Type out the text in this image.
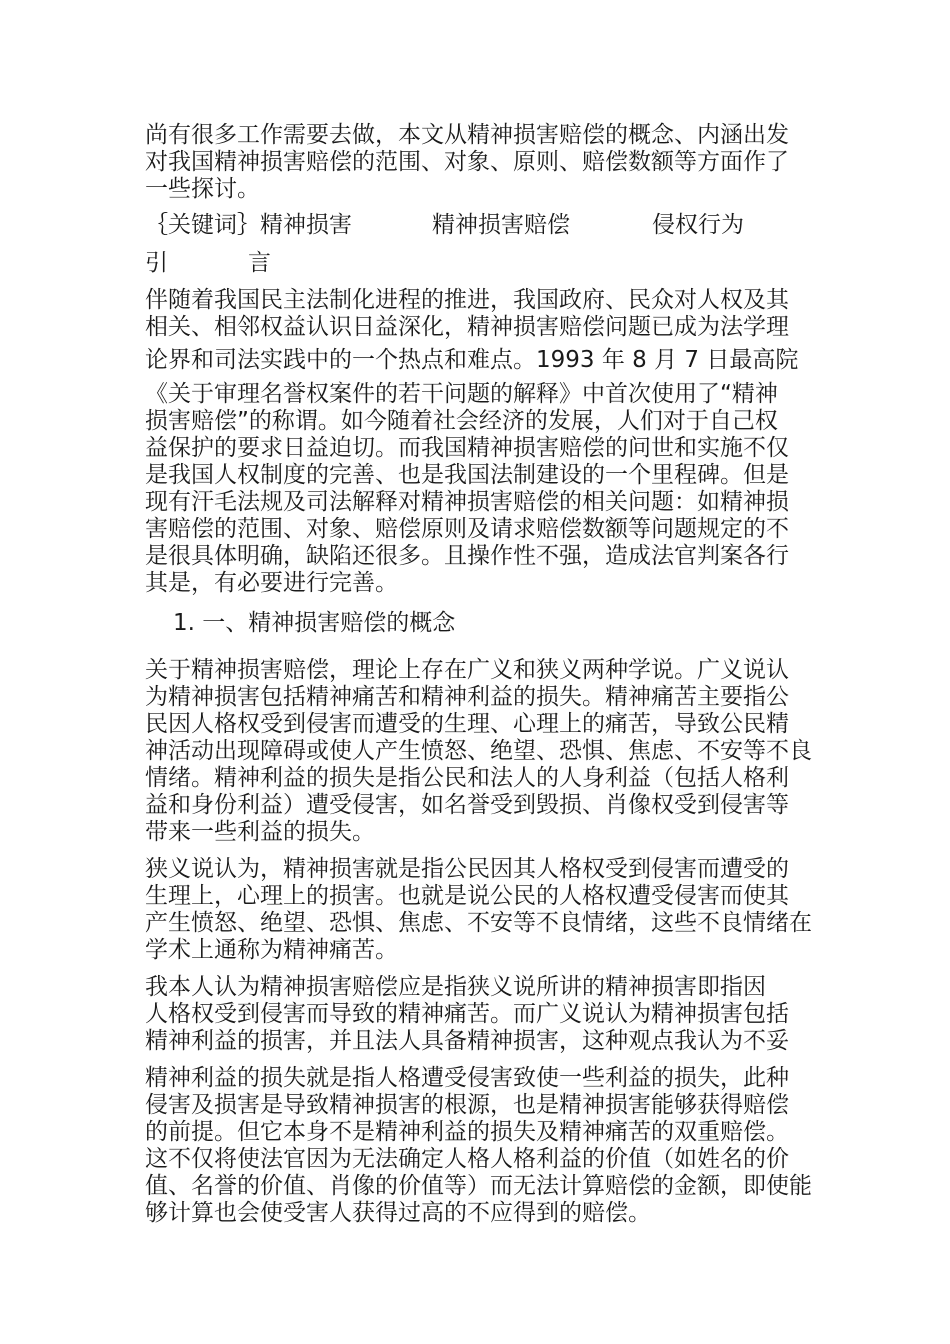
尚有很多工作需要去做，本文从精神损害赔偿的概念、内涵出发
对我国精神损害赔偿的范围、对象、原则、赔偿数额等方面作了
一些探讨。
｛关键词｝精神损害	精神损害赔偿	侵权行为
引	言
伴随着我国民主法制化进程的推进，我国政府、民众对人权及其
相关、相邻权益认识日益深化，精神损害赔偿问题已成为法学理
论界和司法实践中的一个热点和难点。1993 年 8 月 7 日最高院
《关于审理名誉权案件的若干问题的解释》中首次使用了“精神
损害赔偿”的称谓。如今随着社会经济的发展，人们对于自己权
益保护的要求日益迫切。而我国精神损害赔偿的问世和实施不仅
是我国人权制度的完善、也是我国法制建设的一个里程碑。但是
现有汗毛法规及司法解释对精神损害赔偿的相关问题：如精神损
害赔偿的范围、对象、赔偿原则及请求赔偿数额等问题规定的不
是很具体明确，缺陷还很多。且操作性不强，造成法官判案各行
其是，有必要进行完善。
1. 一、精神损害赔偿的概念
关于精神损害赔偿，理论上存在广义和狭义两种学说。广义说认
为精神损害包括精神痛苦和精神利益的损失。精神痛苦主要指公
民因人格权受到侵害而遭受的生理、心理上的痛苦，导致公民精
神活动出现障碍或使人产生愤怒、绝望、恐惧、焦虑、不安等不良
情绪。精神利益的损失是指公民和法人的人身利益（包括人格利
益和身份利益）遭受侵害，如名誉受到毁损、肖像权受到侵害等
带来一些利益的损失。
狭义说认为，精神损害就是指公民因其人格权受到侵害而遭受的
生理上，心理上的损害。也就是说公民的人格权遭受侵害而使其
产生愤怒、绝望、恐惧、焦虑、不安等不良情绪，这些不良情绪在
学术上通称为精神痛苦。
我本人认为精神损害赔偿应是指狭义说所讲的精神损害即指因
人格权受到侵害而导致的精神痛苦。而广义说认为精神损害包括
精神利益的损害，并且法人具备精神损害，这种观点我认为不妥
精神利益的损失就是指人格遭受侵害致使一些利益的损失，此种
侵害及损害是导致精神损害的根源，也是精神损害能够获得赔偿
的前提。但它本身不是精神利益的损失及精神痛苦的双重赔偿。
这不仅将使法官因为无法确定人格人格利益的价值（如姓名的价
值、名誉的价值、肖像的价值等）而无法计算赔偿的金额，即使能
够计算也会使受害人获得过高的不应得到的赔偿。
